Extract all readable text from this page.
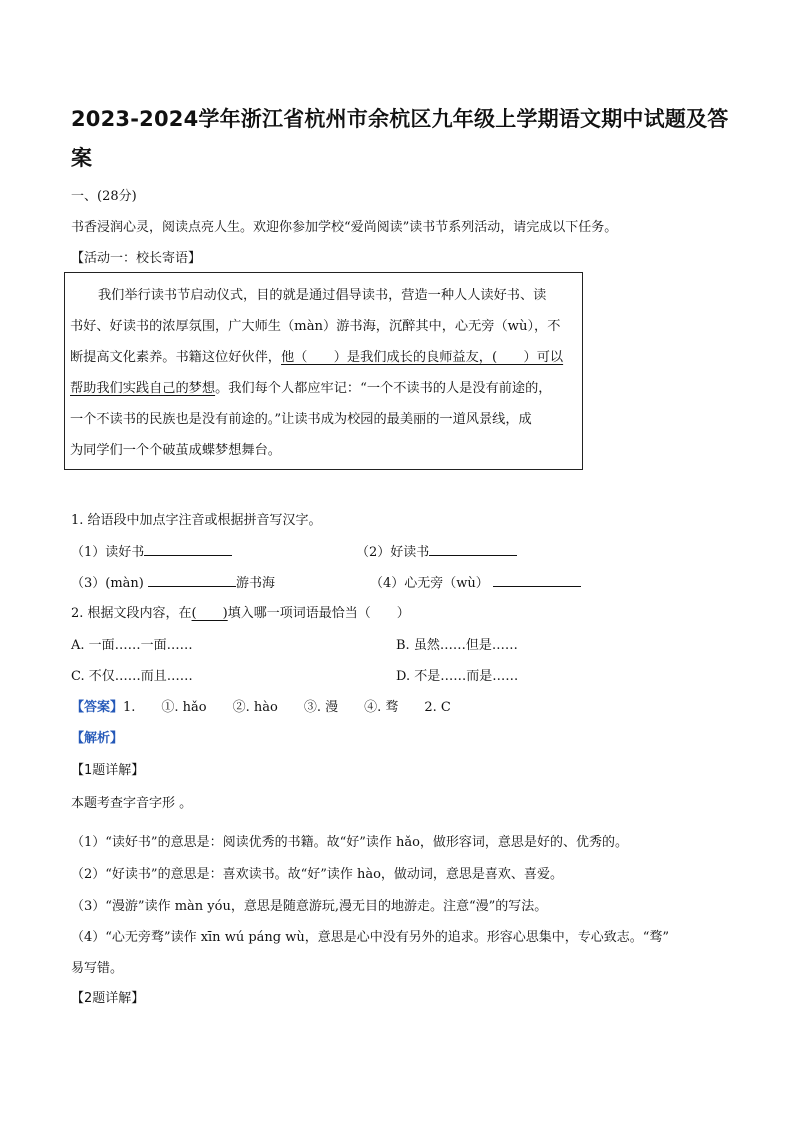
2023-2024学年浙江省杭州市余杭区九年级上学期语文期中试题及答案
一、(28分)
书香浸润心灵，阅读点亮人生。欢迎你参加学校“爱尚阅读”读书节系列活动，请完成以下任务。
【活动一：校长寄语】
我们举行读书节启动仪式，目的就是通过倡导读书，营造一种人人读好书、读
书好、好读书的浓厚氛围，广大师生（màn）游书海，沉醉其中，心无旁（wù），不
断提高文化素养。书籍这位好伙伴，他（　　）是我们成长的良师益友，(　　）可以
帮助我们实践自己的梦想。我们每个人都应牢记：“一个不读书的人是没有前途的，
一个不读书的民族也是没有前途的。”让读书成为校园的最美丽的一道风景线，成
为同学们一个个破茧成蝶梦想舞台。
1. 给语段中加点字注音或根据拼音写汉字。
（1）读好书	（2）好读书
（3）(màn)	游书海	（4）心无旁（wù）
2. 根据文段内容，在(　　)填入哪一项词语最恰当（　　）
A. 一面……一面……	B. 虽然……但是……
C. 不仅……而且……	D. 不是……而是……
【答案】1.　　①. hǎo　　②. hào　　③. 漫　　④. 骛　　2. C
【解析】
【1题详解】
本题考查字音字形 。
（1）“读好书”的意思是：阅读优秀的书籍。故“好”读作 hǎo，做形容词，意思是好的、优秀的。
（2）“好读书”的意思是：喜欢读书。故“好”读作 hào，做动词，意思是喜欢、喜爱。
（3）“漫游”读作 màn yóu，意思是随意游玩,漫无目的地游走。注意“漫”的写法。
（4）“心无旁骛”读作 xīn wú páng wù，意思是心中没有另外的追求。形容心思集中，专心致志。“骛”
易写错。
【2题详解】
